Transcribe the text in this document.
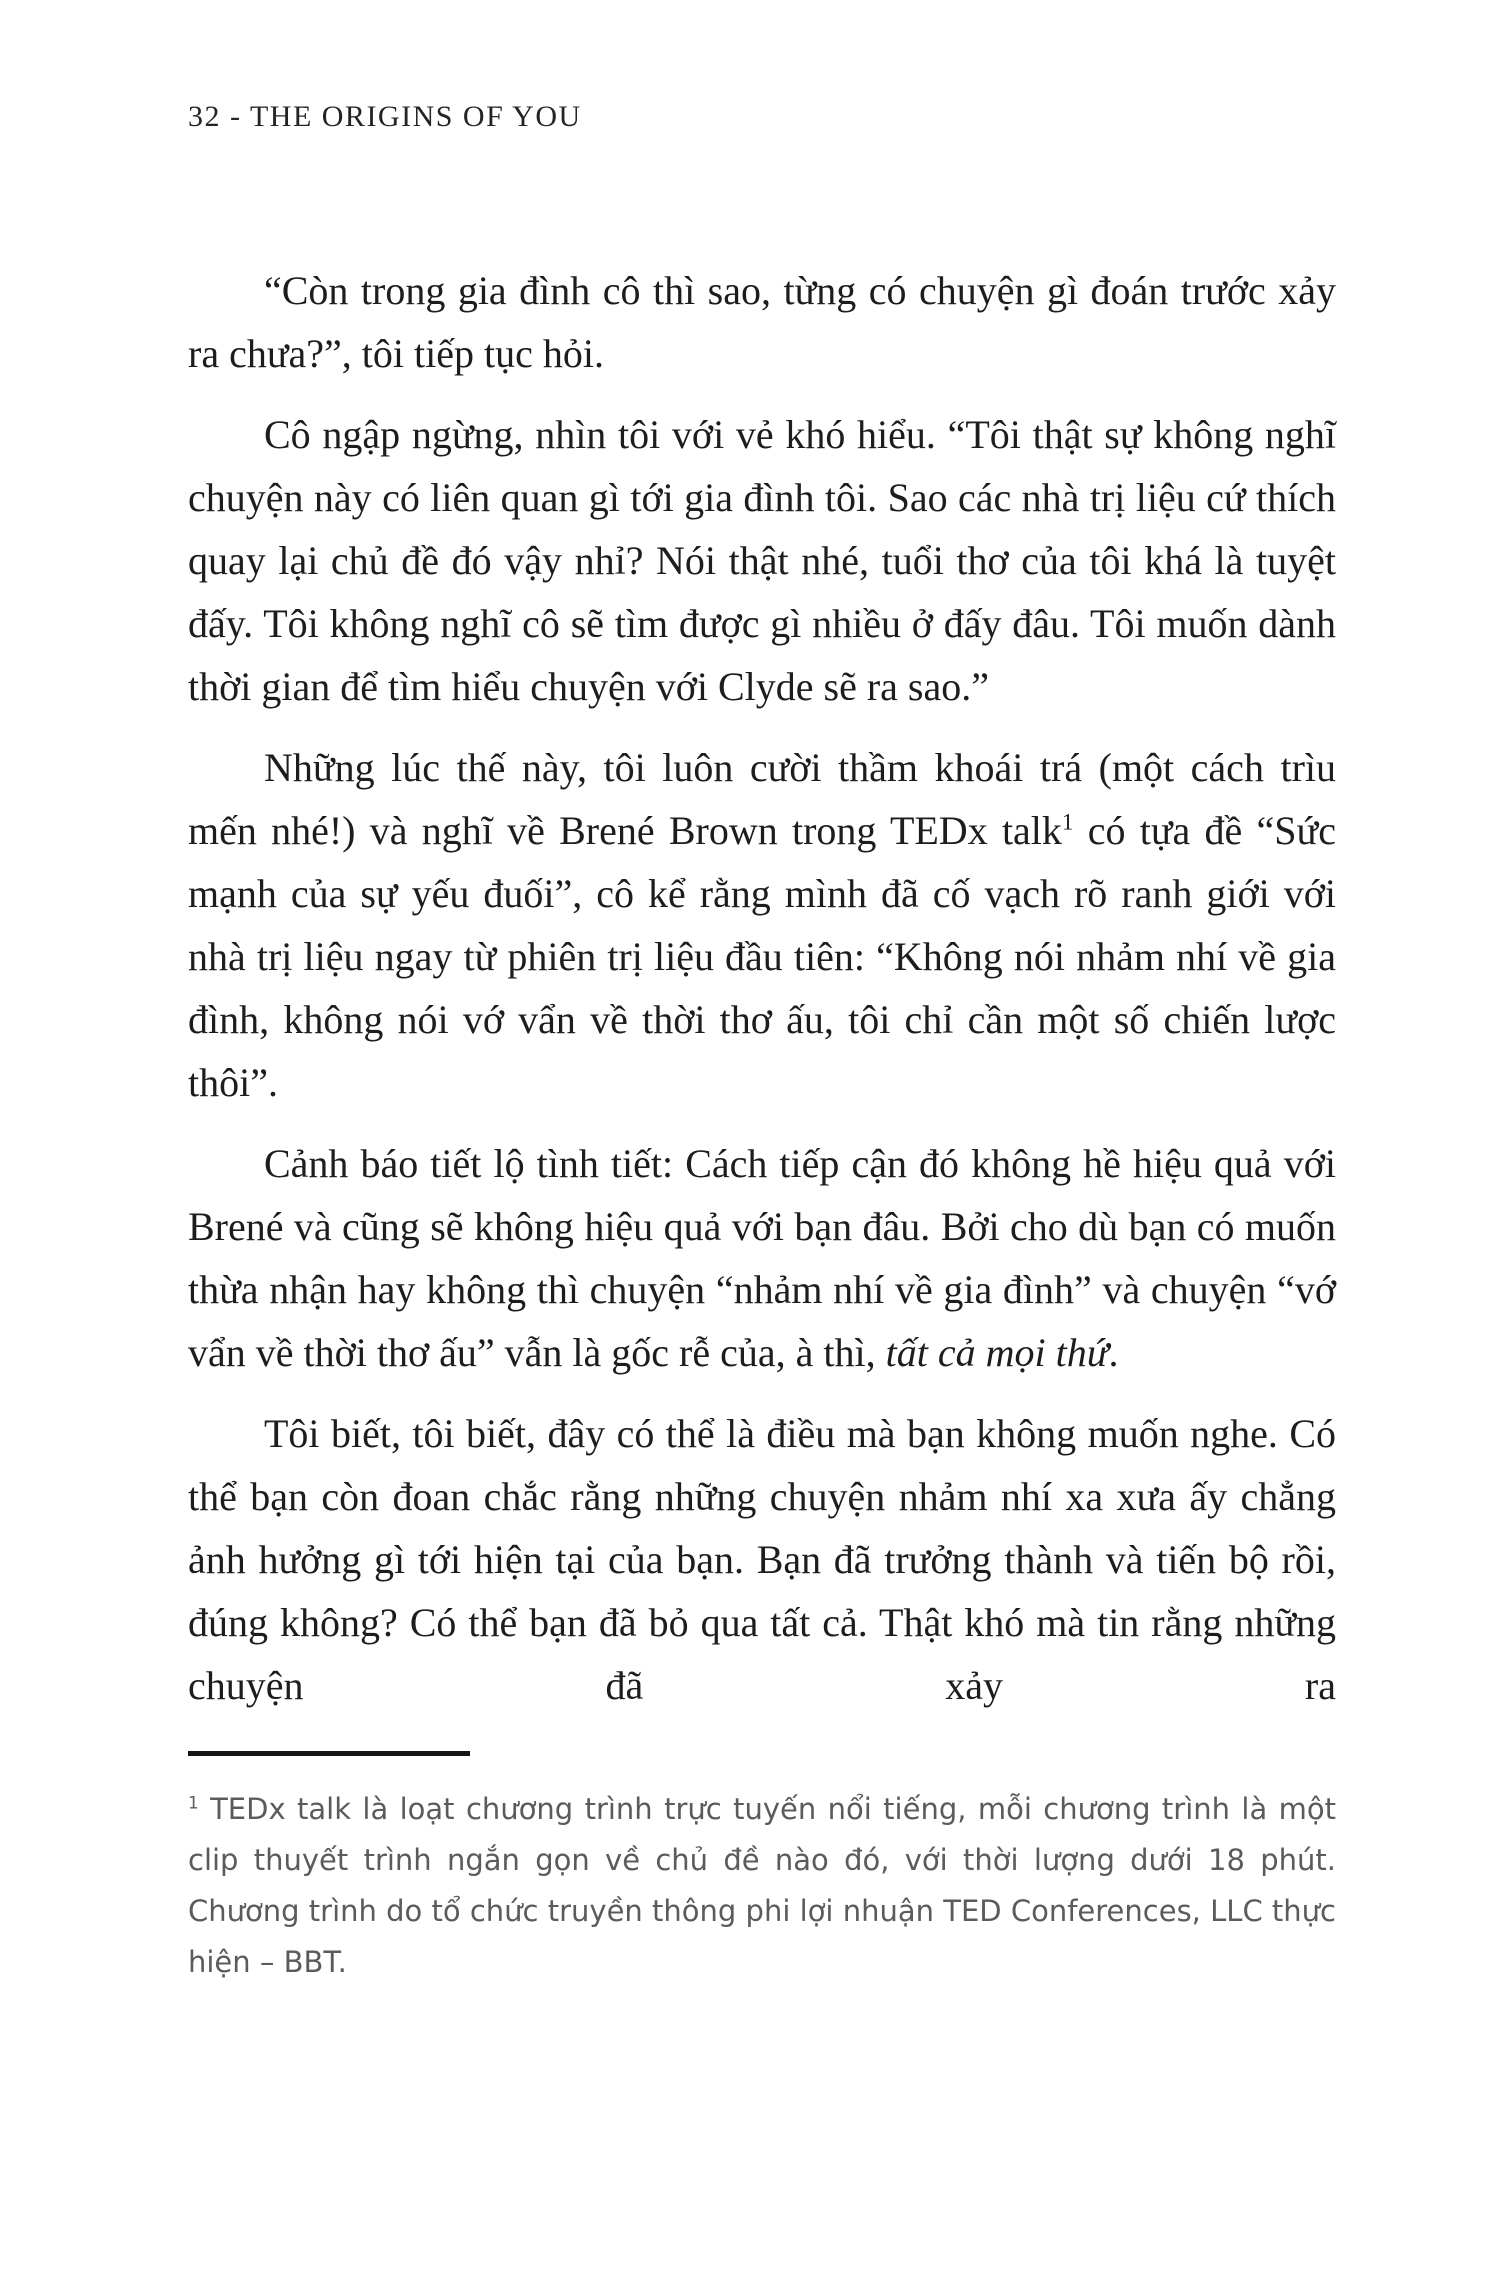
32 - THE ORIGINS OF YOU

“Còn trong gia đình cô thì sao, từng có chuyện gì đoán trước xảy ra chưa?”, tôi tiếp tục hỏi.

Cô ngập ngừng, nhìn tôi với vẻ khó hiểu. “Tôi thật sự không nghĩ chuyện này có liên quan gì tới gia đình tôi. Sao các nhà trị liệu cứ thích quay lại chủ đề đó vậy nhỉ? Nói thật nhé, tuổi thơ của tôi khá là tuyệt đấy. Tôi không nghĩ cô sẽ tìm được gì nhiều ở đấy đâu. Tôi muốn dành thời gian để tìm hiểu chuyện với Clyde sẽ ra sao.”

Những lúc thế này, tôi luôn cười thầm khoái trá (một cách trìu mến nhé!) và nghĩ về Brené Brown trong TEDx talk$^1$ có tựa đề “Sức mạnh của sự yếu đuối”, cô kể rằng mình đã cố vạch rõ ranh giới với nhà trị liệu ngay từ phiên trị liệu đầu tiên: “Không nói nhảm nhí về gia đình, không nói vớ vẩn về thời thơ ấu, tôi chỉ cần một số chiến lược thôi”.

Cảnh báo tiết lộ tình tiết: Cách tiếp cận đó không hề hiệu quả với Brené và cũng sẽ không hiệu quả với bạn đâu. Bởi cho dù bạn có muốn thừa nhận hay không thì chuyện “nhảm nhí về gia đình” và chuyện “vớ vẩn về thời thơ ấu” vẫn là gốc rễ của, à thì, tất cả mọi thứ.

Tôi biết, tôi biết, đây có thể là điều mà bạn không muốn nghe. Có thể bạn còn đoan chắc rằng những chuyện nhảm nhí xa xưa ấy chẳng ảnh hưởng gì tới hiện tại của bạn. Bạn đã trưởng thành và tiến bộ rồi, đúng không? Có thể bạn đã bỏ qua tất cả. Thật khó mà tin rằng những chuyện đã xảy ra

$^1$ TEDx talk là loạt chương trình trực tuyến nổi tiếng, mỗi chương trình là một clip thuyết trình ngắn gọn về chủ đề nào đó, với thời lượng dưới 18 phút. Chương trình do tổ chức truyền thông phi lợi nhuận TED Conferences, LLC thực hiện – BBT.
